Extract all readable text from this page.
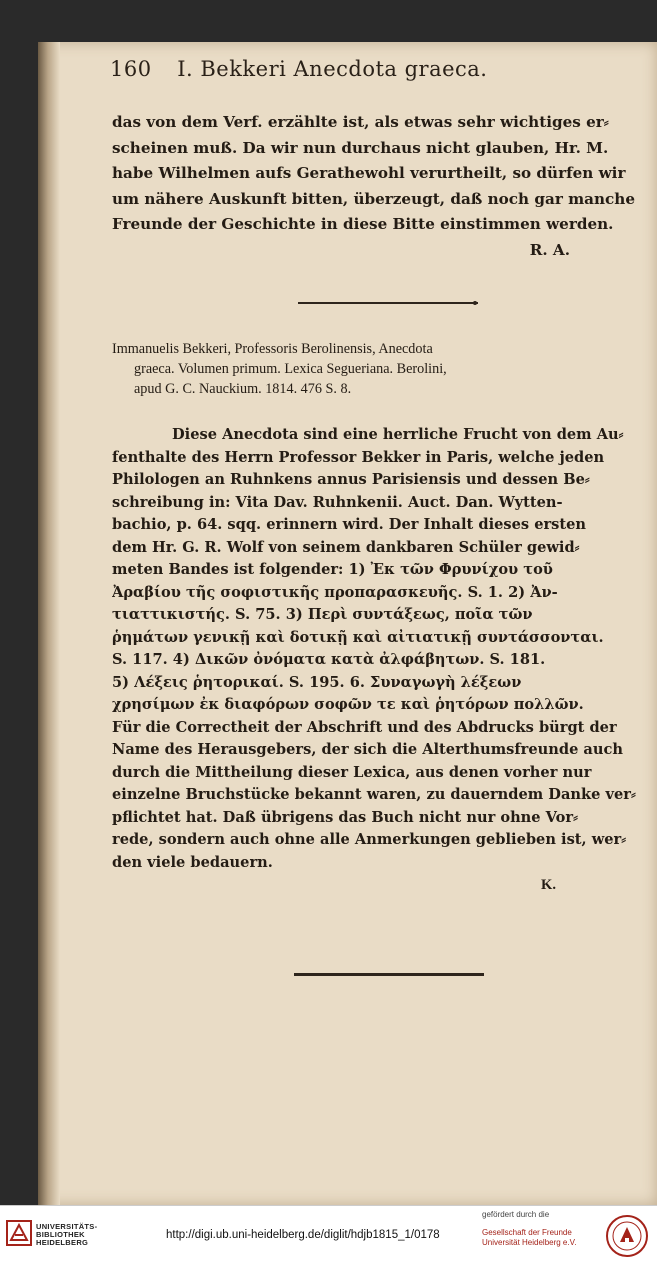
160 I. Bekkeri Anecdota graeca.
das von dem Verf. erzählte ist, als etwas sehr wichtiges er⸗
scheinen muß. Da wir nun durchaus nicht glauben, Hr. M.
habe Wilhelmen aufs Gerathewohl verurtheilt, so dürfen wir
um nähere Auskunft bitten, überzeugt, daß noch gar manche
Freunde der Geschichte in diese Bitte einstimmen werden.
R. A.
Immanuelis Bekkeri, Professoris Berolinensis, Anecdota
graeca. Volumen primum. Lexica Segueriana. Berolini,
apud G. C. Nauckium. 1814. 476 S. 8.
Diese Anecdota sind eine herrliche Frucht von dem Au⸗
fenthalte des Herrn Professor Bekker in Paris, welche jeden
Philologen an Ruhnkens annus Parisiensis und dessen Be⸗
schreibung in: Vita Dav. Ruhnkenii. Auct. Dan. Wytten-
bachio, p. 64. sqq. erinnern wird. Der Inhalt dieses ersten
dem Hr. G. R. Wolf von seinem dankbaren Schüler gewid⸗
meten Bandes ist folgender: 1) Ἐκ τῶν Φρυνίχου τοῦ
Ἀραβίου τῆς σοφιστικῆς προπαρασκευῆς. S. 1. 2) Ἀν-
τιαττικιστής. S. 75. 3) Περὶ συντάξεως, ποῖα τῶν
ῥημάτων γενικῇ καὶ δοτικῇ καὶ αἰτιατικῇ συντάσσονται.
S. 117. 4) Δικῶν ὀνόματα κατὰ ἀλφάβητων. S. 181.
5) Λέξεις ῥητορικαί. S. 195. 6. Συναγωγὴ λέξεων
χρησίμων ἐκ διαφόρων σοφῶν τε καὶ ῥητόρων πολλῶν.
Für die Correctheit der Abschrift und des Abdrucks bürgt der
Name des Herausgebers, der sich die Alterthumsfreunde auch
durch die Mittheilung dieser Lexica, aus denen vorher nur
einzelne Bruchstücke bekannt waren, zu dauerndem Danke ver⸗
pflichtet hat. Daß übrigens das Buch nicht nur ohne Vor⸗
rede, sondern auch ohne alle Anmerkungen geblieben ist, wer⸗
den viele bedauern.
K.
UNIVERSITÄTS-
BIBLIOTHEK
HEIDELBERG
http://digi.ub.uni-heidelberg.de/diglit/hdjb1815_1/0178
gefördert durch die
Gesellschaft der Freunde
Universität Heidelberg e.V.
